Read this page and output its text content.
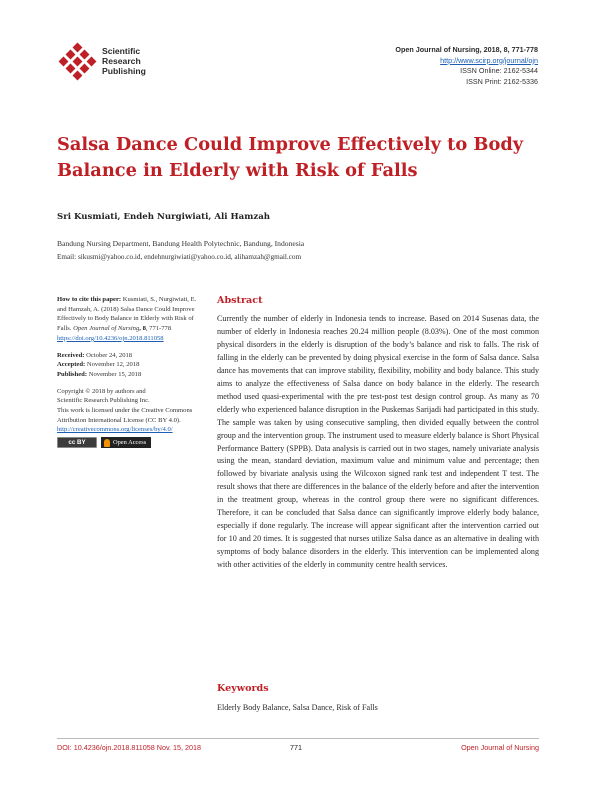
Scientific
Research
Publishing
Open Journal of Nursing, 2018, 8, 771-778
http://www.scirp.org/journal/ojn
ISSN Online: 2162-5344
ISSN Print: 2162-5336
Salsa Dance Could Improve Effectively to Body Balance in Elderly with Risk of Falls
Sri Kusmiati, Endeh Nurgiwiati, Ali Hamzah
Bandung Nursing Department, Bandung Health Polytechnic, Bandung, Indonesia
Email: sikusmi@yahoo.co.id, endehnurgiwiati@yahoo.co.id, alihamzah@gmail.com

How to cite this paper: Kusmiati, S., Nurgiwiati, E. and Hamzah, A. (2018) Salsa Dance Could Improve Effectively to Body Balance in Elderly with Risk of Falls. Open Journal of Nursing, 8, 771-778
https://doi.org/10.4236/ojn.2018.811058

Received: October 24, 2018
Accepted: November 12, 2018
Published: November 15, 2018
Copyright © 2018 by authors and
Scientific Research Publishing Inc.
This work is licensed under the Creative Commons Attribution International License (CC BY 4.0).
http://creativecommons.org/licenses/by/4.0/
cc BY	Open Access
Abstract

Currently the number of elderly in Indonesia tends to increase. Based on 2014 Susenas data, the number of elderly in Indonesia reaches 20.24 million people (8.03%). One of the most common physical disorders in the elderly is disruption of the body’s balance and risk to falls. The risk of falling in the elderly can be prevented by doing physical exercise in the form of Salsa dance. Salsa dance has movements that can improve stability, flexibility, mobility and body balance. This study aims to analyze the effectiveness of Salsa dance on body balance in the elderly. The research method used quasi-experimental with the pre test-post test design control group. As many as 70 elderly who experienced balance disruption in the Puskemas Sarijadi had participated in this study. The sample was taken by using consecutive sampling, then divided equally between the control group and the intervention group. The instrument used to measure elderly balance is Short Physical Performance Battery (SPPB). Data analysis is carried out in two stages, namely univariate analysis using the mean, standard deviation, maximum value and minimum value and percentage; then followed by bivariate analysis using the Wilcoxon signed rank test and independent T test. The result shows that there are differences in the balance of the elderly before and after the intervention in the treatment group, whereas in the control group there were no significant differences. Therefore, it can be concluded that Salsa dance can significantly improve elderly body balance, especially if done regularly. The increase will appear significant after the intervention carried out for 10 and 20 times. It is suggested that nurses utilize Salsa dance as an alternative in dealing with symptoms of body balance disorders in the elderly. This intervention can be implemented along with other activities of the elderly in community centre health services.

Keywords

Elderly Body Balance, Salsa Dance, Risk of Falls

DOI: 10.4236/ojn.2018.811058 Nov. 15, 2018	771	Open Journal of Nursing
